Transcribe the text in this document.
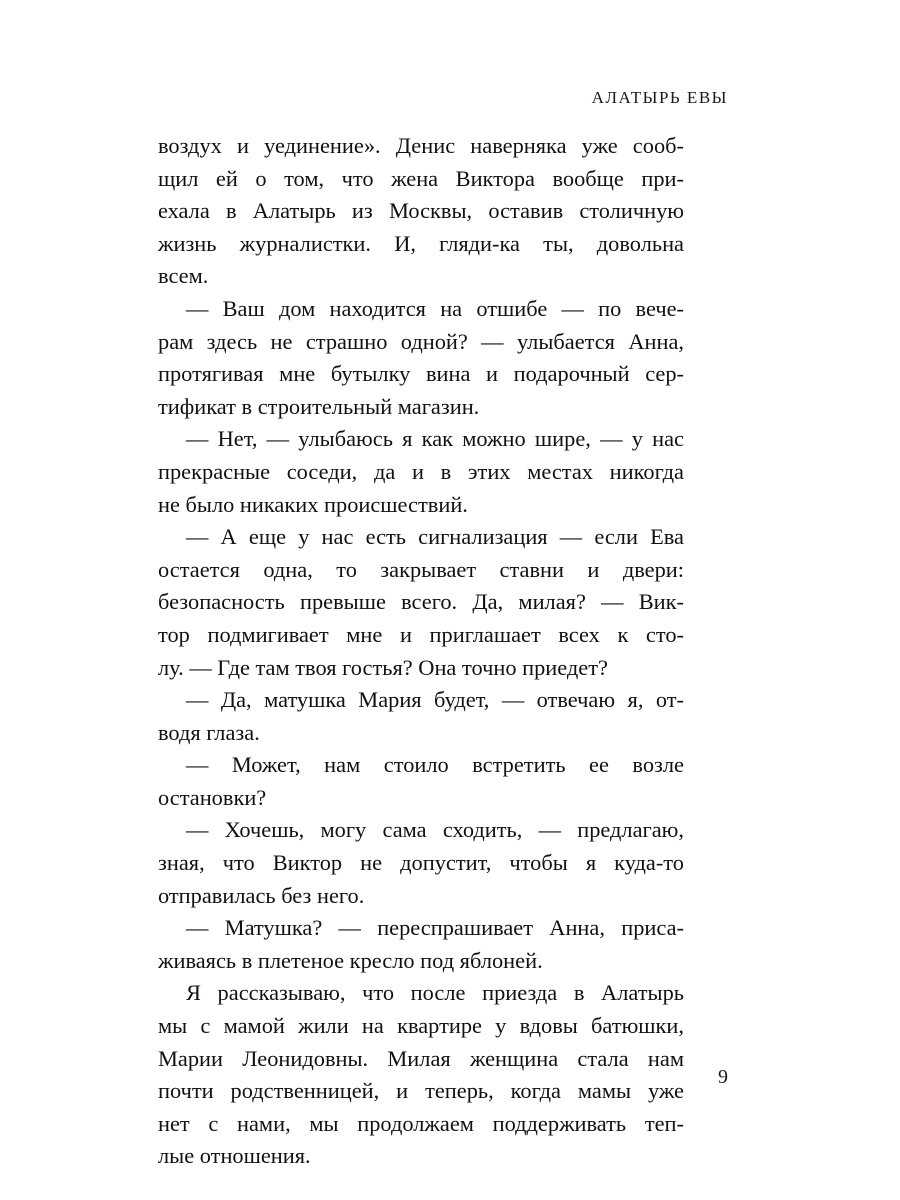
АЛАТЫРЬ ЕВЫ
воздух и уединение». Денис наверняка уже сооб-
щил ей о том, что жена Виктора вообще при-
ехала в Алатырь из Москвы, оставив столичную
жизнь журналистки. И, гляди-ка ты, довольна
всем.
— Ваш дом находится на отшибе — по вече-
рам здесь не страшно одной? — улыбается Анна,
протягивая мне бутылку вина и подарочный сер-
тификат в строительный магазин.
— Нет, — улыбаюсь я как можно шире, — у нас
прекрасные соседи, да и в этих местах никогда
не было никаких происшествий.
— А еще у нас есть сигнализация — если Ева
остается одна, то закрывает ставни и двери:
безопасность превыше всего. Да, милая? — Вик-
тор подмигивает мне и приглашает всех к сто-
лу. — Где там твоя гостья? Она точно приедет?
— Да, матушка Мария будет, — отвечаю я, от-
водя глаза.
— Может, нам стоило встретить ее возле
остановки?
— Хочешь, могу сама сходить, — предлагаю,
зная, что Виктор не допустит, чтобы я куда-то
отправилась без него.
— Матушка? — переспрашивает Анна, приса-
живаясь в плетеное кресло под яблоней.
Я рассказываю, что после приезда в Алатырь
мы с мамой жили на квартире у вдовы батюшки,
Марии Леонидовны. Милая женщина стала нам
почти родственницей, и теперь, когда мамы уже
нет с нами, мы продолжаем поддерживать теп-
лые отношения.
9
